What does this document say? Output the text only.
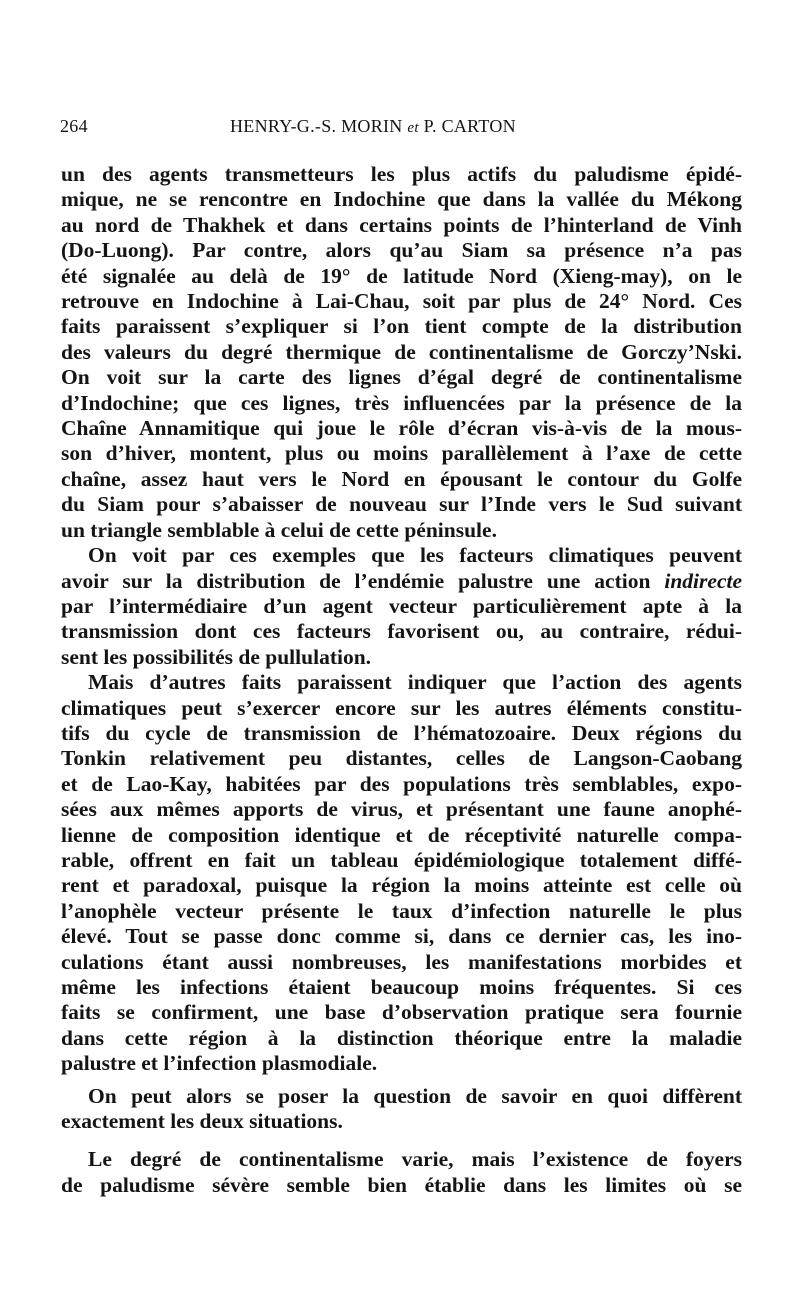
264	HENRY-G.-S. MORIN et P. CARTON
un des agents transmetteurs les plus actifs du paludisme épidé-
mique, ne se rencontre en Indochine que dans la vallée du Mékong
au nord de Thakhek et dans certains points de l’hinterland de Vinh
(Do-Luong). Par contre, alors qu’au Siam sa présence n’a pas
été signalée au delà de 19° de latitude Nord (Xieng-may), on le
retrouve en Indochine à Lai-Chau, soit par plus de 24° Nord. Ces
faits paraissent s’expliquer si l’on tient compte de la distribution
des valeurs du degré thermique de continentalisme de Gorczy’Nski.
On voit sur la carte des lignes d’égal degré de continentalisme
d’Indochine; que ces lignes, très influencées par la présence de la
Chaîne Annamitique qui joue le rôle d’écran vis-à-vis de la mous-
son d’hiver, montent, plus ou moins parallèlement à l’axe de cette
chaîne, assez haut vers le Nord en épousant le contour du Golfe
du Siam pour s’abaisser de nouveau sur l’Inde vers le Sud suivant
un triangle semblable à celui de cette péninsule.
On voit par ces exemples que les facteurs climatiques peuvent
avoir sur la distribution de l’endémie palustre une action indirecte
par l’intermédiaire d’un agent vecteur particulièrement apte à la
transmission dont ces facteurs favorisent ou, au contraire, rédui-
sent les possibilités de pullulation.
Mais d’autres faits paraissent indiquer que l’action des agents
climatiques peut s’exercer encore sur les autres éléments constitu-
tifs du cycle de transmission de l’hématozoaire. Deux régions du
Tonkin relativement peu distantes, celles de Langson-Caobang
et de Lao-Kay, habitées par des populations très semblables, expo-
sées aux mêmes apports de virus, et présentant une faune anophé-
lienne de composition identique et de réceptivité naturelle compa-
rable, offrent en fait un tableau épidémiologique totalement diffé-
rent et paradoxal, puisque la région la moins atteinte est celle où
l’anophèle vecteur présente le taux d’infection naturelle le plus
élevé. Tout se passe donc comme si, dans ce dernier cas, les ino-
culations étant aussi nombreuses, les manifestations morbides et
même les infections étaient beaucoup moins fréquentes. Si ces
faits se confirment, une base d’observation pratique sera fournie
dans cette région à la distinction théorique entre la maladie
palustre et l’infection plasmodiale.
On peut alors se poser la question de savoir en quoi diffèrent
exactement les deux situations.
Le degré de continentalisme varie, mais l’existence de foyers
de paludisme sévère semble bien établie dans les limites où se
